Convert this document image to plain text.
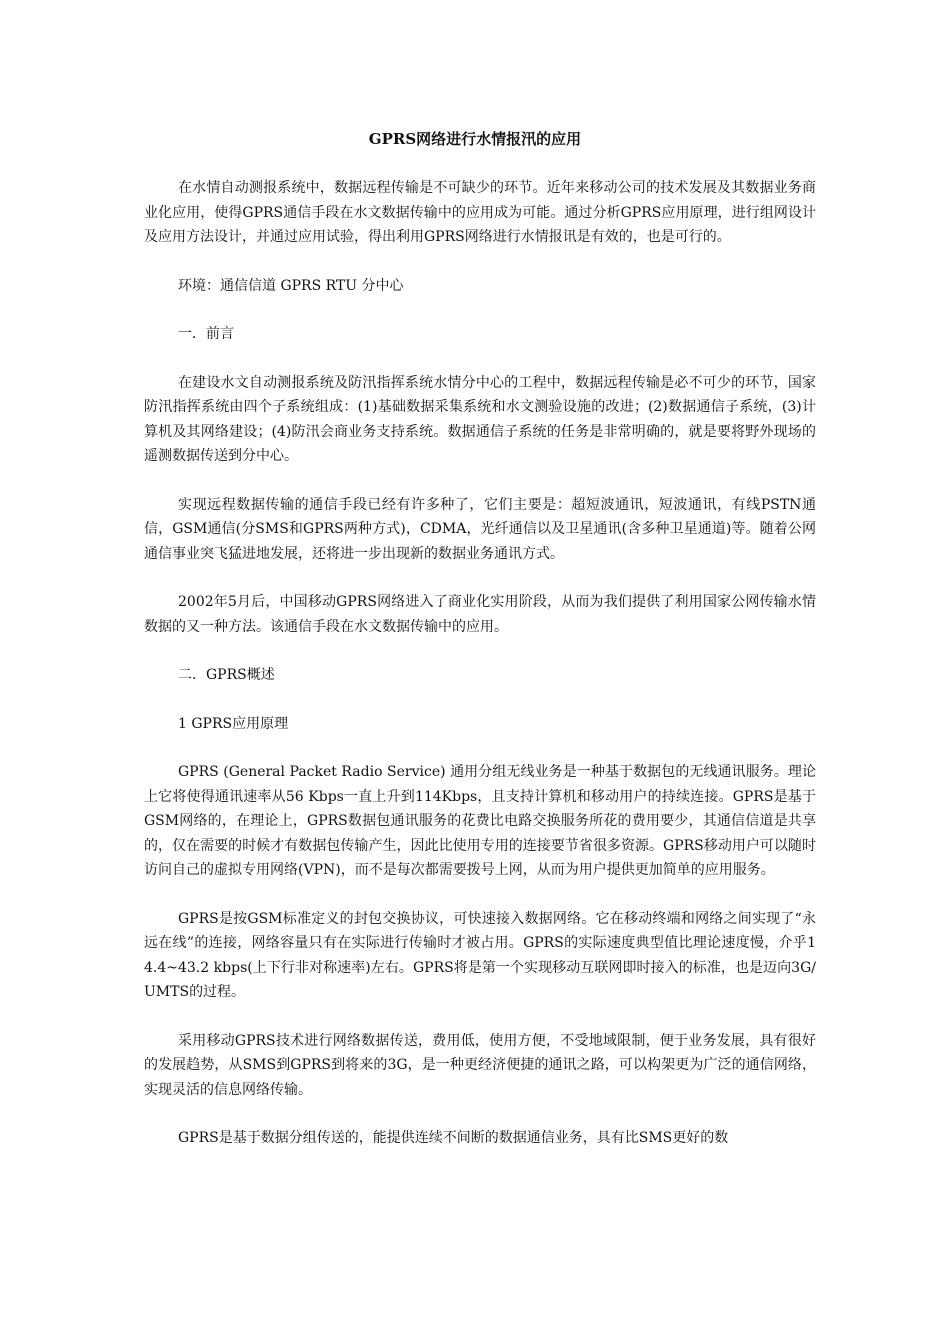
GPRS网络进行水情报汛的应用

在水情自动测报系统中，数据远程传输是不可缺少的环节。近年来移动公司的技术发展及其数据业务商业化应用，使得GPRS通信手段在水文数据传输中的应用成为可能。通过分析GPRS应用原理，进行组网设计及应用方法设计，并通过应用试验，得出利用GPRS网络进行水情报讯是有效的，也是可行的。

环境：通信信道 GPRS RTU 分中心

一．前言

在建设水文自动测报系统及防汛指挥系统水情分中心的工程中，数据远程传输是必不可少的环节，国家防汛指挥系统由四个子系统组成：(1)基础数据采集系统和水文测验设施的改进；(2)数据通信子系统，(3)计算机及其网络建设；(4)防汛会商业务支持系统。数据通信子系统的任务是非常明确的，就是要将野外现场的遥测数据传送到分中心。

实现远程数据传输的通信手段已经有许多种了，它们主要是：超短波通讯，短波通讯，有线PSTN通信，GSM通信(分SMS和GPRS两种方式)，CDMA，光纤通信以及卫星通讯(含多种卫星通道)等。随着公网通信事业突飞猛进地发展，还将进一步出现新的数据业务通讯方式。

2002年5月后，中国移动GPRS网络进入了商业化实用阶段，从而为我们提供了利用国家公网传输水情数据的又一种方法。该通信手段在水文数据传输中的应用。

二．GPRS概述

1 GPRS应用原理

GPRS (General Packet Radio Service) 通用分组无线业务是一种基于数据包的无线通讯服务。理论上它将使得通讯速率从56 Kbps一直上升到114Kbps，且支持计算机和移动用户的持续连接。GPRS是基于GSM网络的，在理论上，GPRS数据包通讯服务的花费比电路交换服务所花的费用要少，其通信信道是共享的，仅在需要的时候才有数据包传输产生，因此比使用专用的连接要节省很多资源。GPRS移动用户可以随时访问自己的虚拟专用网络(VPN)，而不是每次都需要拨号上网，从而为用户提供更加简单的应用服务。

GPRS是按GSM标准定义的封包交换协议，可快速接入数据网络。它在移动终端和网络之间实现了“永远在线”的连接，网络容量只有在实际进行传输时才被占用。GPRS的实际速度典型值比理论速度慢，介乎14.4~43.2 kbps(上下行非对称速率)左右。GPRS将是第一个实现移动互联网即时接入的标准，也是迈向3G/UMTS的过程。

采用移动GPRS技术进行网络数据传送，费用低，使用方便，不受地域限制，便于业务发展，具有很好的发展趋势，从SMS到GPRS到将来的3G，是一种更经济便捷的通讯之路，可以构架更为广泛的通信网络，实现灵活的信息网络传输。

GPRS是基于数据分组传送的，能提供连续不间断的数据通信业务，具有比SMS更好的数
